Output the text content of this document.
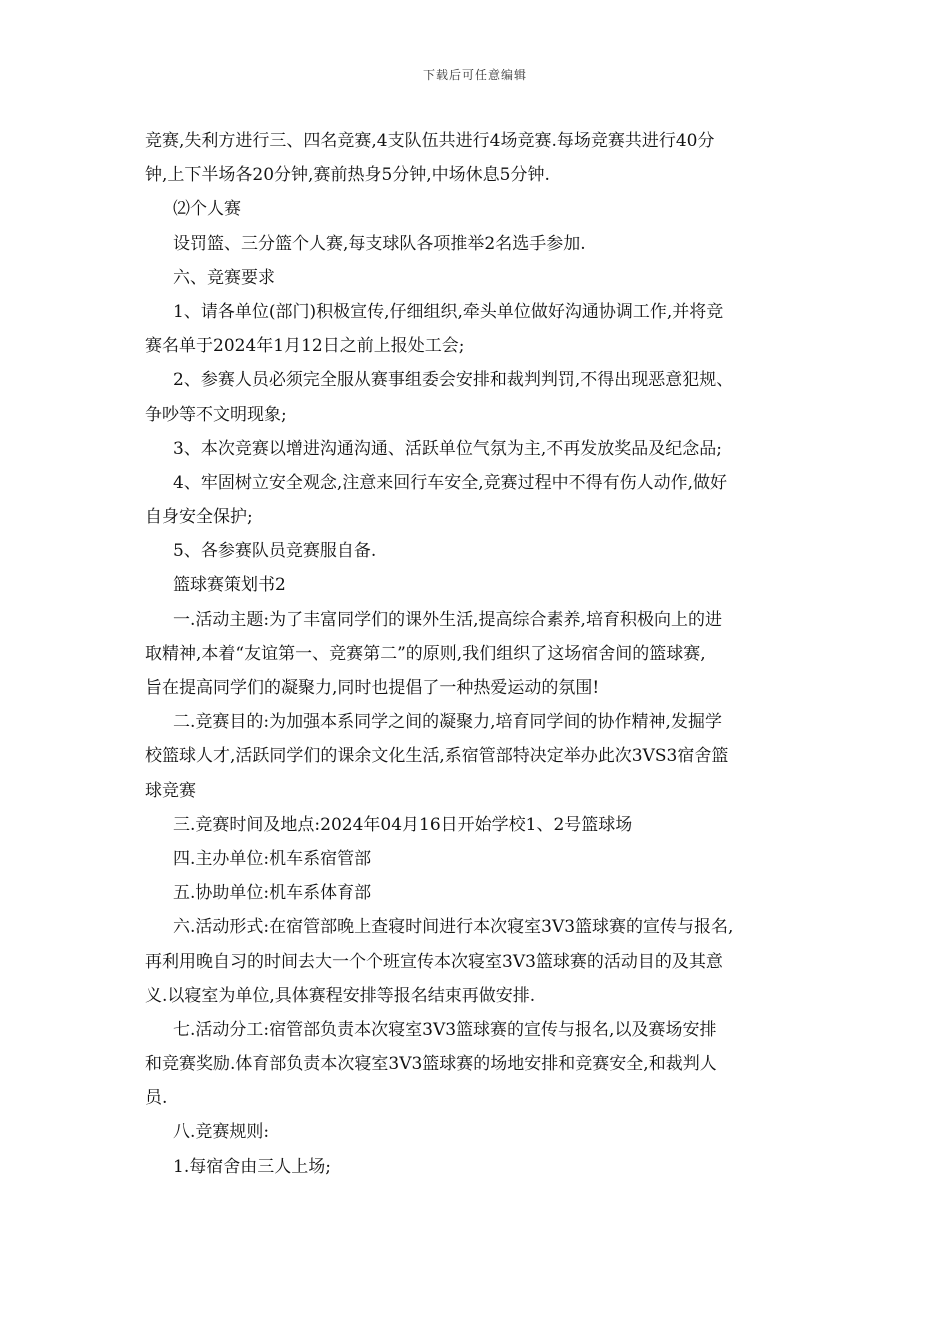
下载后可任意编辑
竞赛,失利方进行三、四名竞赛,4支队伍共进行4场竞赛.每场竞赛共进行40分
钟,上下半场各20分钟,赛前热身5分钟,中场休息5分钟.
⑵个人赛
设罚篮、三分篮个人赛,每支球队各项推举2名选手参加.
六、竞赛要求
1、请各单位(部门)积极宣传,仔细组织,牵头单位做好沟通协调工作,并将竞
赛名单于2024年1月12日之前上报处工会;
2、参赛人员必须完全服从赛事组委会安排和裁判判罚,不得出现恶意犯规、
争吵等不文明现象;
3、本次竞赛以增进沟通沟通、活跃单位气氛为主,不再发放奖品及纪念品;
4、牢固树立安全观念,注意来回行车安全,竞赛过程中不得有伤人动作,做好
自身安全保护;
5、各参赛队员竞赛服自备.
篮球赛策划书2
一.活动主题:为了丰富同学们的课外生活,提高综合素养,培育积极向上的进
取精神,本着“友谊第一、竞赛第二”的原则,我们组织了这场宿舍间的篮球赛,
旨在提高同学们的凝聚力,同时也提倡了一种热爱运动的氛围!
二.竞赛目的:为加强本系同学之间的凝聚力,培育同学间的协作精神,发掘学
校篮球人才,活跃同学们的课余文化生活,系宿管部特决定举办此次3VS3宿舍篮
球竞赛
三.竞赛时间及地点:2024年04月16日开始学校1、2号篮球场
四.主办单位:机车系宿管部
五.协助单位:机车系体育部
六.活动形式:在宿管部晚上查寝时间进行本次寝室3V3篮球赛的宣传与报名,
再利用晚自习的时间去大一个个班宣传本次寝室3V3篮球赛的活动目的及其意
义.以寝室为单位,具体赛程安排等报名结束再做安排.
七.活动分工:宿管部负责本次寝室3V3篮球赛的宣传与报名,以及赛场安排
和竞赛奖励.体育部负责本次寝室3V3篮球赛的场地安排和竞赛安全,和裁判人
员.
八.竞赛规则:
1.每宿舍由三人上场;
